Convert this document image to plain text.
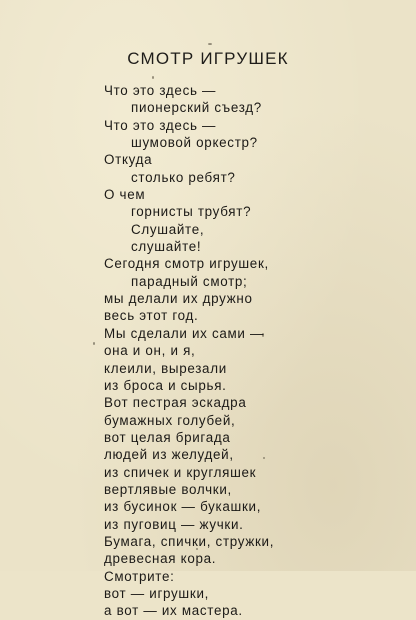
СМОТР ИГРУШЕК
Что это здесь —
пионерский съезд?
Что это здесь —
шумовой оркестр?
Откуда
столько ребят?
О чем
горнисты трубят?
Слушайте,
слушайте!
Сегодня смотр игрушек,
парадный смотр;
мы делали их дружно
весь этот год.
Мы сделали их сами —
она и он, и я,
клеили, вырезали
из броса и сырья.
Вот пестрая эскадра
бумажных голубей,
вот целая бригада
людей из желудей,
из спичек и кругляшек
вертлявые волчки,
из бусинок — букашки,
из пуговиц — жучки.
Бумага, спички, стружки,
древесная кора.
Смотрите:
вот — игрушки,
а вот — их мастера.
